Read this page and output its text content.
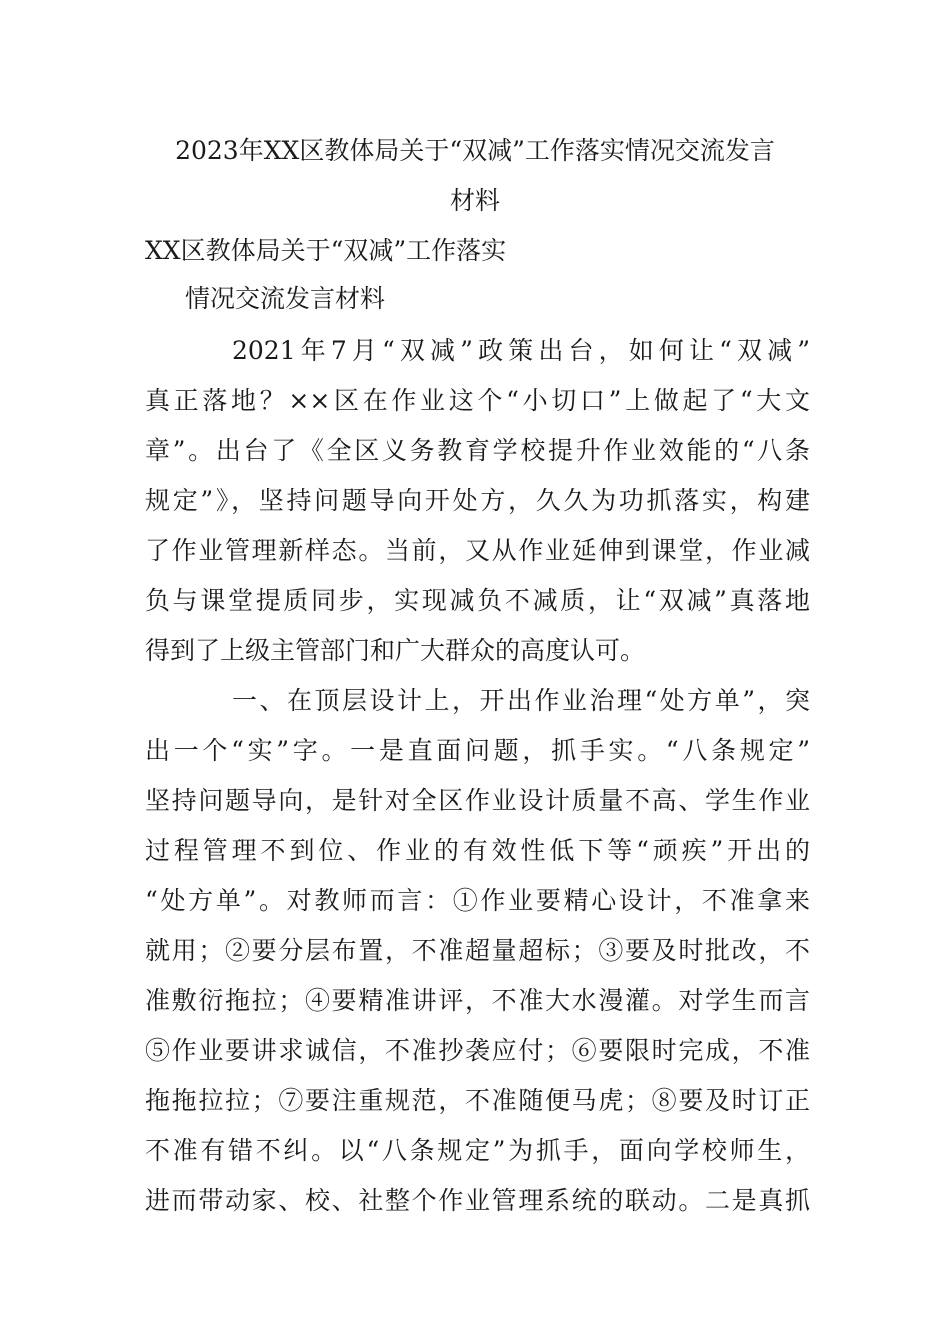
2023年XX区教体局关于“双减”工作落实情况交流发言
材料
XX区教体局关于“双减”工作落实
情况交流发言材料
2021年7月“双减”政策出台，如何让“双减”
真正落地？××区在作业这个“小切口”上做起了“大文
章”。出台了《全区义务教育学校提升作业效能的“八条
规定”》，坚持问题导向开处方，久久为功抓落实，构建
了作业管理新样态。当前，又从作业延伸到课堂，作业减
负与课堂提质同步，实现减负不减质，让“双减”真落地
得到了上级主管部门和广大群众的高度认可。
一、在顶层设计上，开出作业治理“处方单”，突
出一个“实”字。一是直面问题，抓手实。“八条规定”
坚持问题导向，是针对全区作业设计质量不高、学生作业
过程管理不到位、作业的有效性低下等“顽疾”开出的
“处方单”。对教师而言：①作业要精心设计，不准拿来
就用；②要分层布置，不准超量超标；③要及时批改，不
准敷衍拖拉；④要精准讲评，不准大水漫灌。对学生而言
⑤作业要讲求诚信，不准抄袭应付；⑥要限时完成，不准
拖拖拉拉；⑦要注重规范，不准随便马虎；⑧要及时订正
不准有错不纠。以“八条规定”为抓手，面向学校师生，
进而带动家、校、社整个作业管理系统的联动。二是真抓
